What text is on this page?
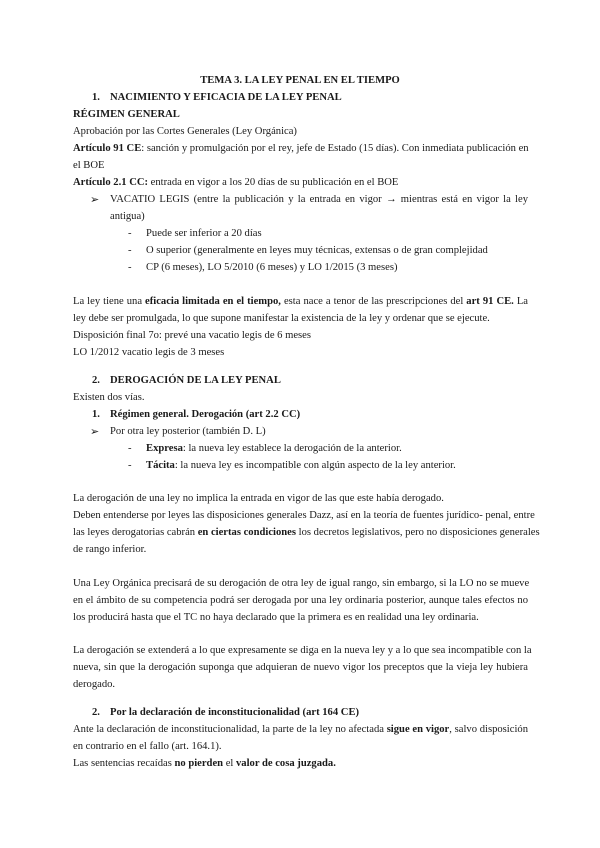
TEMA 3. LA LEY PENAL EN EL TIEMPO
1. NACIMIENTO Y EFICACIA DE LA LEY PENAL
RÉGIMEN GENERAL
Aprobación por las Cortes Generales (Ley Orgánica)
Artículo 91 CE: sanción y promulgación por el rey, jefe de Estado (15 días). Con inmediata publicación en
el BOE
Artículo 2.1 CC: entrada en vigor a los 20 días de su publicación en el BOE
➢ VACATIO LEGIS (entre la publicación y la entrada en vigor → mientras está en vigor la ley
antigua)
- Puede ser inferior a 20 días
- O superior (generalmente en leyes muy técnicas, extensas o de gran complejidad
- CP (6 meses), LO 5/2010 (6 meses) y LO 1/2015 (3 meses)
La ley tiene una eficacia limitada en el tiempo, esta nace a tenor de las prescripciones del art 91 CE. La
ley debe ser promulgada, lo que supone manifestar la existencia de la ley y ordenar que se ejecute.
Disposición final 7o: prevé una vacatio legis de 6 meses
LO 1/2012 vacatio legis de 3 meses
2. DEROGACIÓN DE LA LEY PENAL
Existen dos vías.
1. Régimen general. Derogación (art 2.2 CC)
➢ Por otra ley posterior (también D. L)
- Expresa: la nueva ley establece la derogación de la anterior.
- Tácita: la nueva ley es incompatible con algún aspecto de la ley anterior.
La derogación de una ley no implica la entrada en vigor de las que este había derogado.
Deben entenderse por leyes las disposiciones generales Dazz, así en la teoría de fuentes jurídico- penal, entre
las leyes derogatorias cabrán en ciertas condiciones los decretos legislativos, pero no disposiciones generales
de rango inferior.
Una Ley Orgánica precisará de su derogación de otra ley de igual rango, sin embargo, si la LO no se mueve
en el ámbito de su competencia podrá ser derogada por una ley ordinaria posterior, aunque tales efectos no
los producirá hasta que el TC no haya declarado que la primera es en realidad una ley ordinaria.
La derogación se extenderá a lo que expresamente se diga en la nueva ley y a lo que sea incompatible con la
nueva, sin que la derogación suponga que adquieran de nuevo vigor los preceptos que la vieja ley hubiera
derogado.
2. Por la declaración de inconstitucionalidad (art 164 CE)
Ante la declaración de inconstitucionalidad, la parte de la ley no afectada sigue en vigor, salvo disposición
en contrario en el fallo (art. 164.1).
Las sentencias recaídas no pierden el valor de cosa juzgada.
